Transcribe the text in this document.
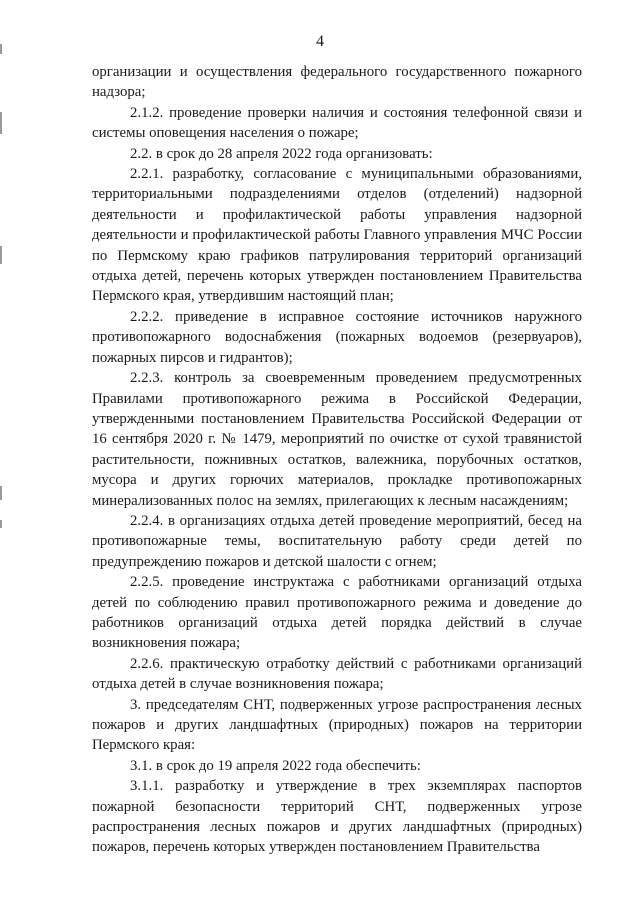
4

организации и осуществления федерального государственного пожарного надзора;

2.1.2. проведение проверки наличия и состояния телефонной связи и системы оповещения населения о пожаре;

2.2. в срок до 28 апреля 2022 года организовать:

2.2.1. разработку, согласование с муниципальными образованиями, территориальными подразделениями отделов (отделений) надзорной деятельности и профилактической работы управления надзорной деятельности и профилактической работы Главного управления МЧС России по Пермскому краю графиков патрулирования территорий организаций отдыха детей, перечень которых утвержден постановлением Правительства Пермского края, утвердившим настоящий план;

2.2.2. приведение в исправное состояние источников наружного противопожарного водоснабжения (пожарных водоемов (резервуаров), пожарных пирсов и гидрантов);

2.2.3. контроль за своевременным проведением предусмотренных Правилами противопожарного режима в Российской Федерации, утвержденными постановлением Правительства Российской Федерации от 16 сентября 2020 г. № 1479, мероприятий по очистке от сухой травянистой растительности, пожнивных остатков, валежника, порубочных остатков, мусора и других горючих материалов, прокладке противопожарных минерализованных полос на землях, прилегающих к лесным насаждениям;

2.2.4. в организациях отдыха детей проведение мероприятий, бесед на противопожарные темы, воспитательную работу среди детей по предупреждению пожаров и детской шалости с огнем;

2.2.5. проведение инструктажа с работниками организаций отдыха детей по соблюдению правил противопожарного режима и доведение до работников организаций отдыха детей порядка действий в случае возникновения пожара;

2.2.6. практическую отработку действий с работниками организаций отдыха детей в случае возникновения пожара;

3. председателям СНТ, подверженных угрозе распространения лесных пожаров и других ландшафтных (природных) пожаров на территории Пермского края:

3.1. в срок до 19 апреля 2022 года обеспечить:

3.1.1. разработку и утверждение в трех экземплярах паспортов пожарной безопасности территорий СНТ, подверженных угрозе распространения лесных пожаров и других ландшафтных (природных) пожаров, перечень которых утвержден постановлением Правительства
